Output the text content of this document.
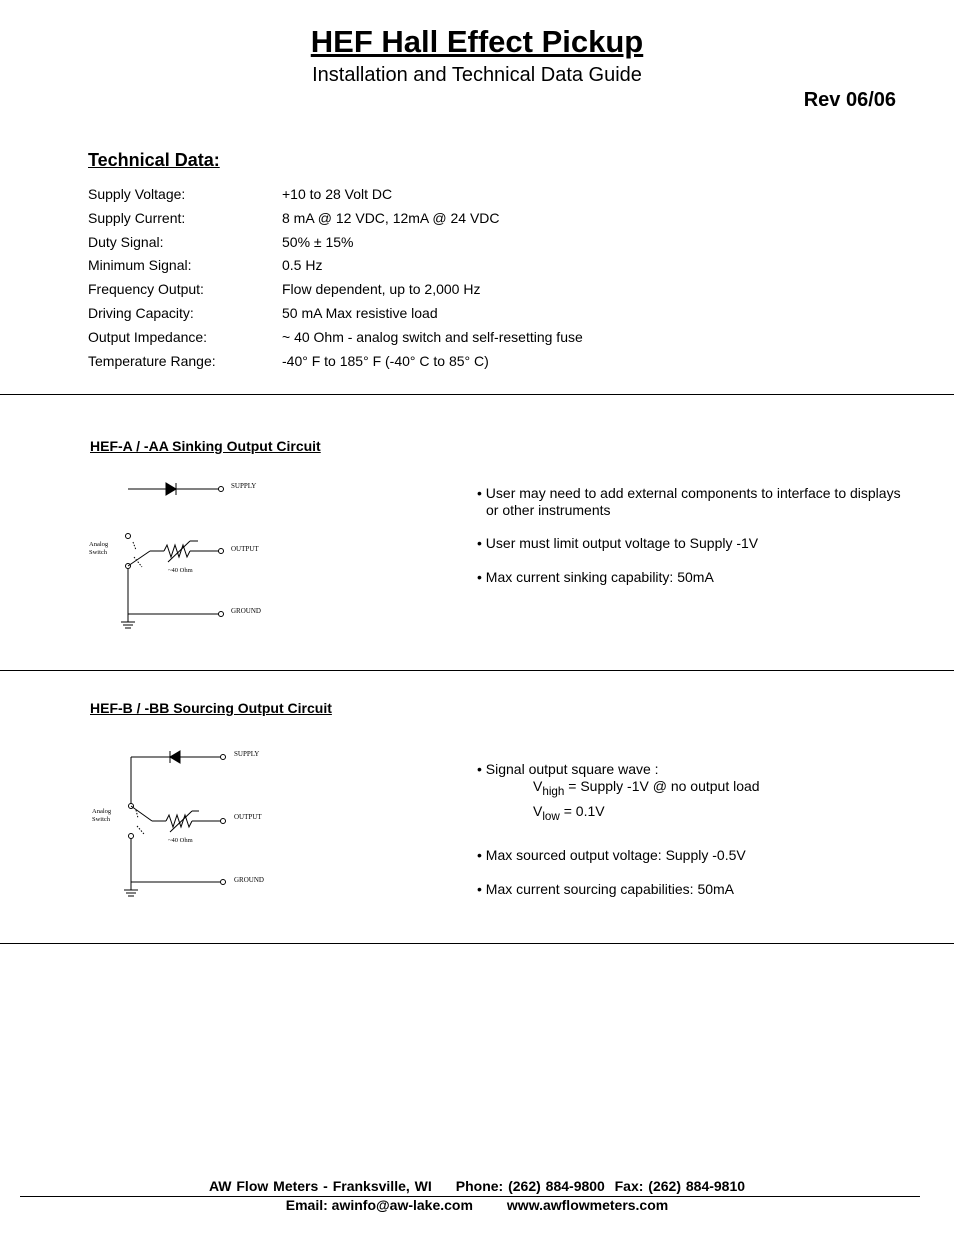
HEF Hall Effect Pickup
Installation and Technical Data Guide
Rev 06/06
Technical Data:
Supply Voltage:	+10 to 28 Volt DC
Supply Current:	8 mA @ 12 VDC, 12mA @ 24 VDC
Duty Signal:	50% ± 15%
Minimum Signal:	0.5 Hz
Frequency Output:	Flow dependent, up to 2,000 Hz
Driving Capacity:	50 mA Max resistive load
Output Impedance:	~ 40 Ohm - analog switch and self-resetting fuse
Temperature Range:	-40° F to 185° F (-40° C to 85° C)
HEF-A / -AA Sinking Output Circuit
SUPPLY
OUTPUT
GROUND
Analog
Switch
~40 Ohm

• User may need to add external components to interface to displays

or other instruments

• User must limit output voltage to Supply -1V

• Max current sinking capability: 50mA

HEF-B / -BB Sourcing Output Circuit
SUPPLY
OUTPUT
GROUND
Analog
Switch
~40 Ohm

• Signal output square wave :

$V_{high}$ = Supply -1V @ no output load

$V_{low} = 0.1V$

• Max sourced output voltage: Supply -0.5V

• Max current sourcing capabilities: 50mA

AW Flow Meters - Franksville, WI Phone: (262) 884-9800 Fax: (262) 884-9810
Email: awinfo@aw-lake.com www.awflowmeters.com
